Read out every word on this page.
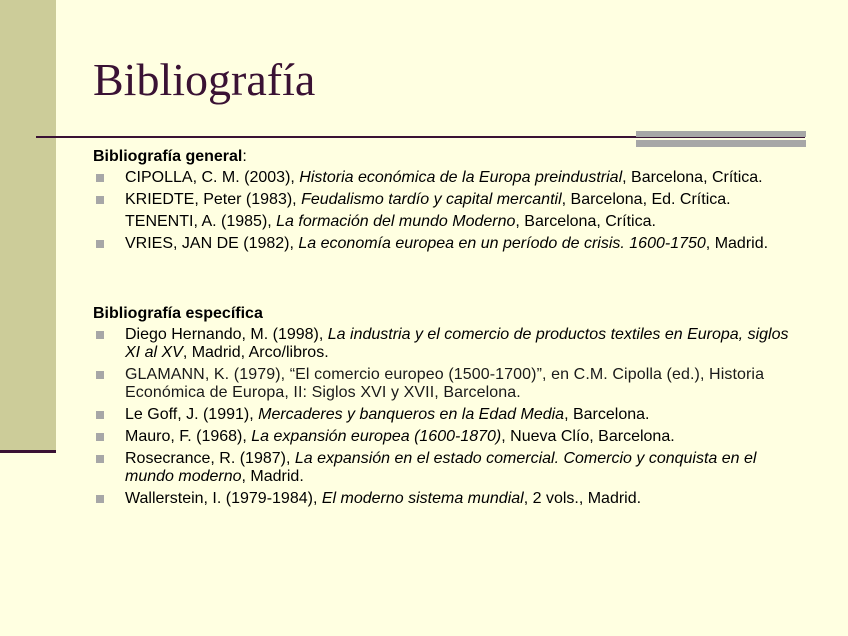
Bibliografía

Bibliografía general:

CIPOLLA, C. M. (2003), Historia económica de la Europa preindustrial, Barcelona, Crítica.
KRIEDTE, Peter (1983), Feudalismo tardío y capital mercantil, Barcelona, Ed. Crítica.
TENENTI, A. (1985), La formación del mundo Moderno, Barcelona, Crítica.
VRIES, JAN DE (1982), La economía europea en un período de crisis. 1600-1750, Madrid.

Bibliografía específica

Diego Hernando, M. (1998), La industria y el comercio de productos textiles en Europa, siglos XI al XV, Madrid, Arco/libros.
GLAMANN, K. (1979), “El comercio europeo (1500-1700)”, en C.M. Cipolla (ed.), Historia Económica de Europa, II: Siglos XVI y XVII, Barcelona.
Le Goff, J. (1991), Mercaderes y banqueros en la Edad Media, Barcelona.
Mauro, F. (1968), La expansión europea (1600-1870), Nueva Clío, Barcelona.
Rosecrance, R. (1987), La expansión en el estado comercial. Comercio y conquista en el mundo moderno, Madrid.
Wallerstein, I. (1979-1984), El moderno sistema mundial, 2 vols., Madrid.
